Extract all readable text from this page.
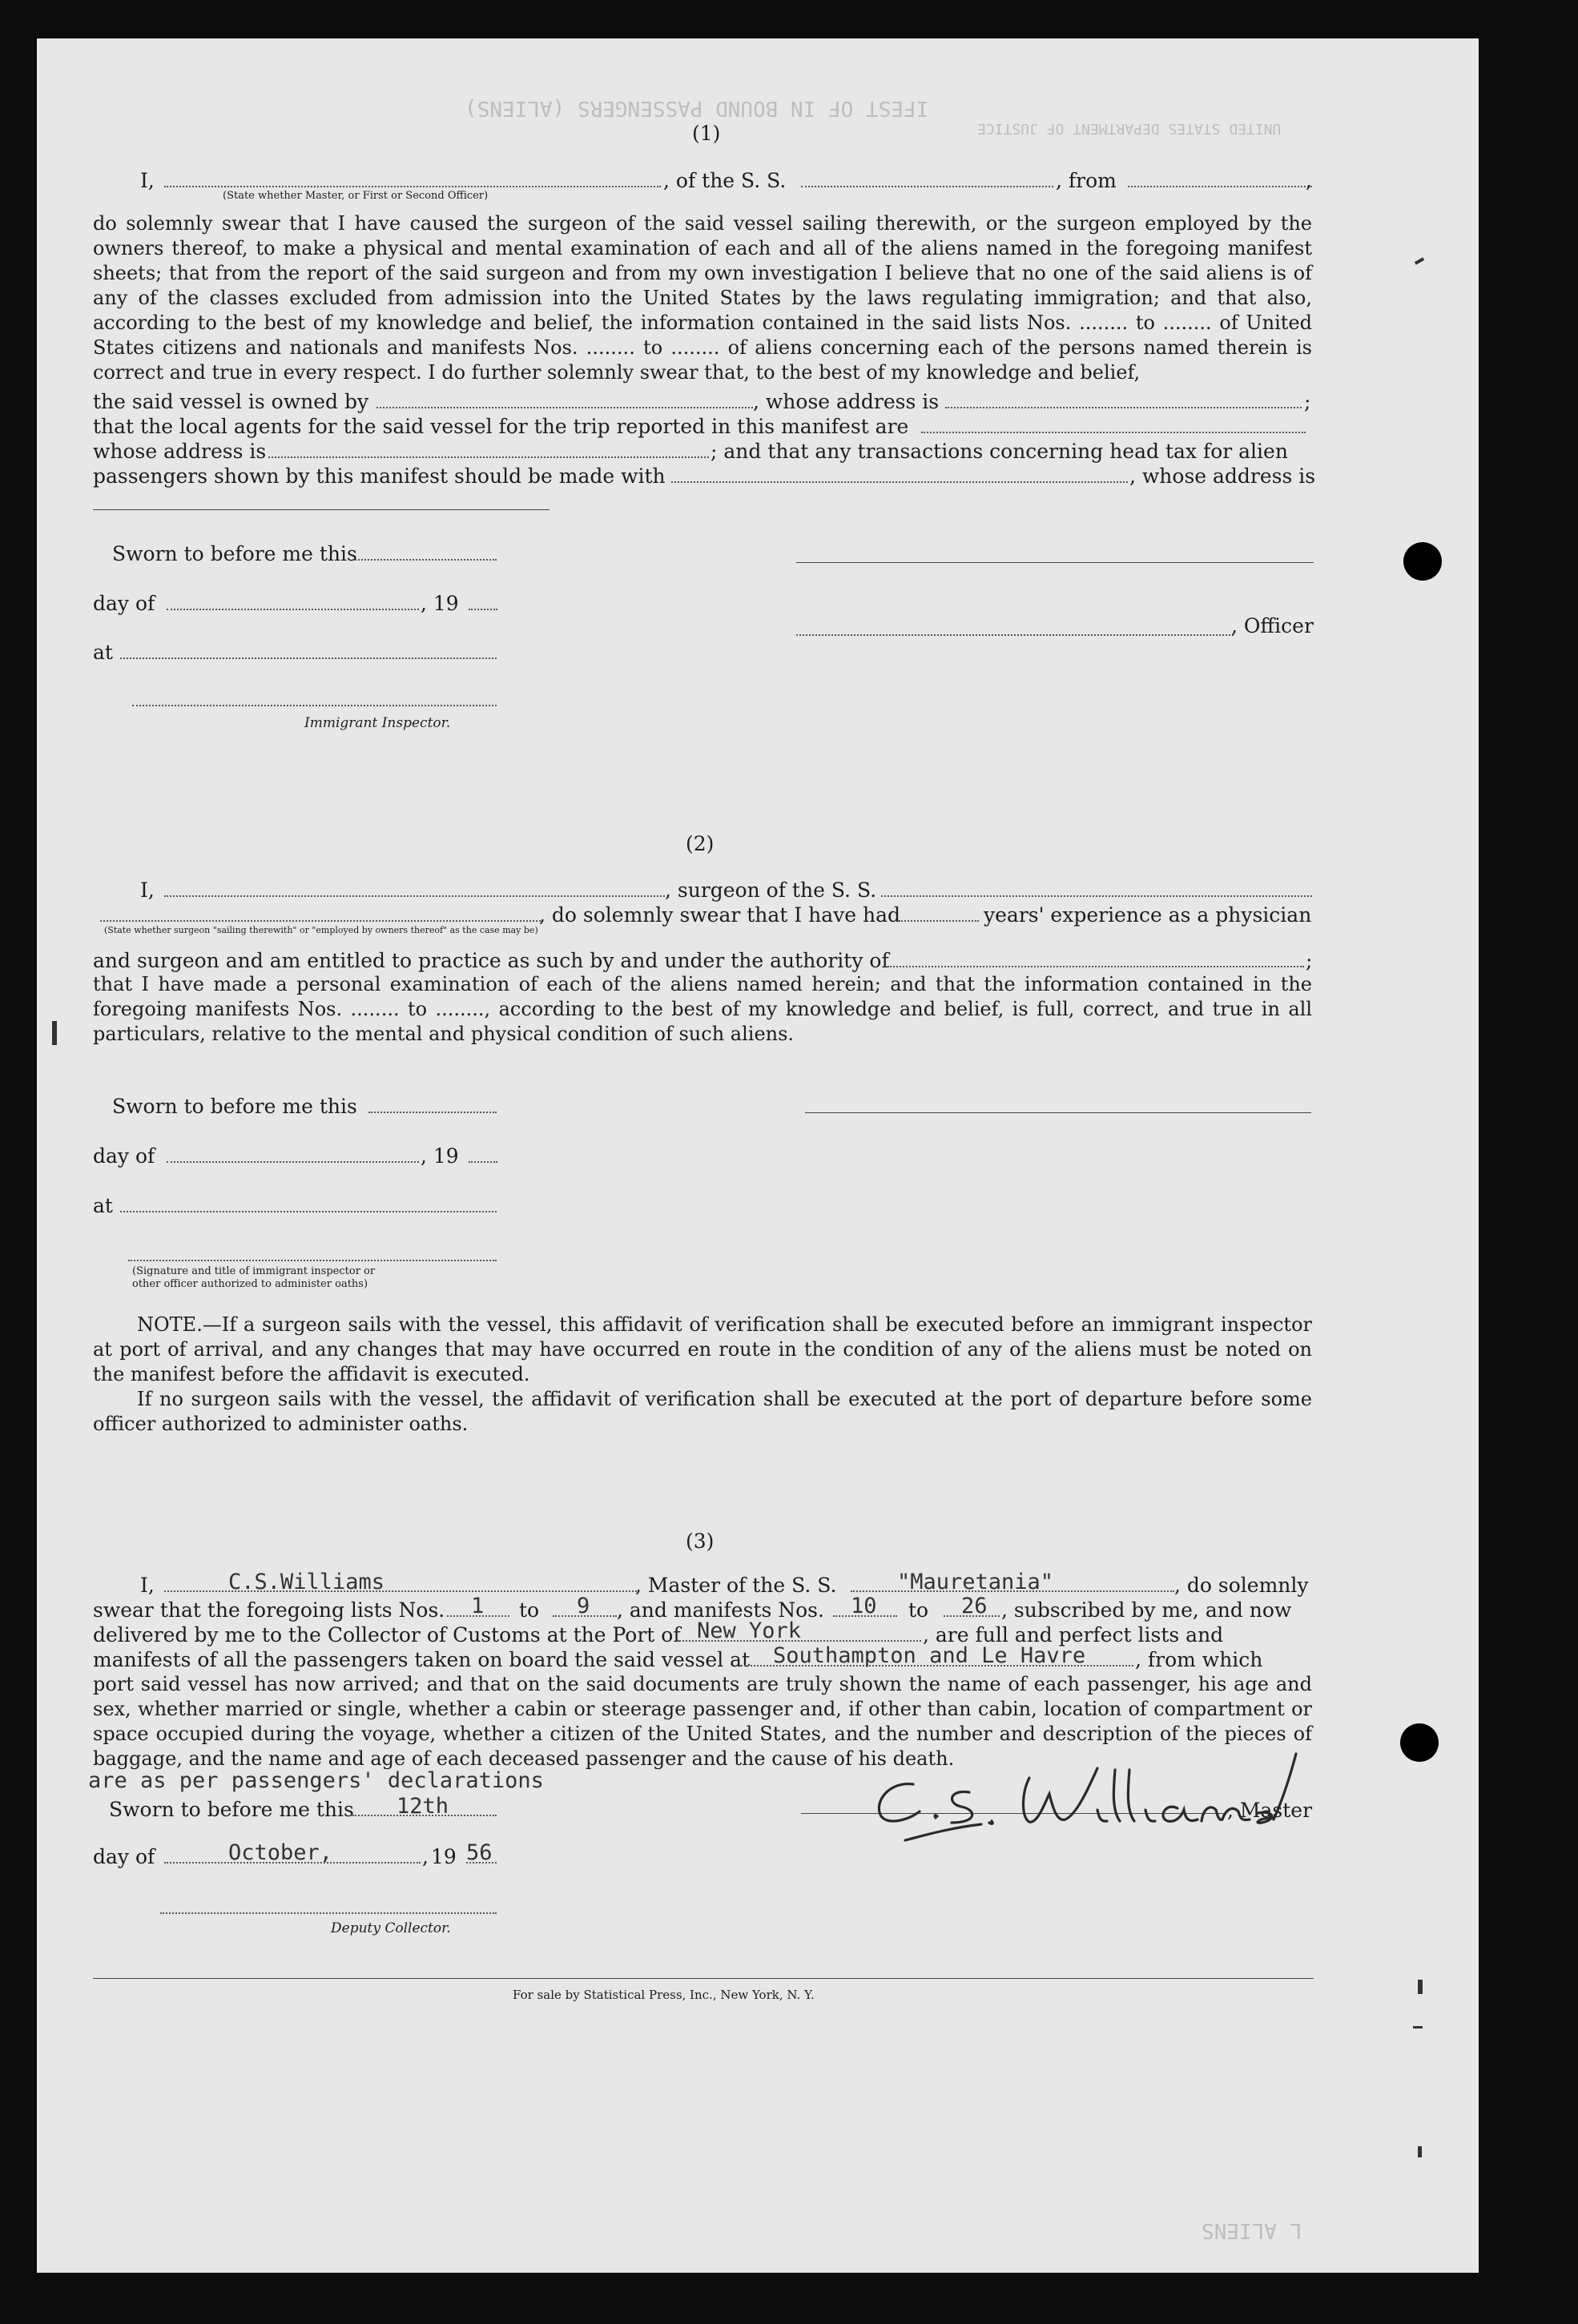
IFEST OF IN BOUND PASSENGERS (ALIENS)
UNITED STATES DEPARTMENT OF JUSTICE
L ALIENS
(1)
I,
(State whether Master, or First or Second Officer)
, of the S. S.	, from	,
do solemnly swear that I have caused the surgeon of the said vessel sailing therewith, or the surgeon employed by the owners thereof, to make a physical and mental examination of each and all of the aliens named in the foregoing manifest sheets; that from the report of the said surgeon and from my own investigation I believe that no one of the said aliens is of any of the classes excluded from admission into the United States by the laws regulating immigration; and that also, according to the best of my knowledge and belief, the information contained in the said lists Nos. ........ to ........ of United States citizens and nationals and manifests Nos. ........ to ........ of aliens concerning each of the persons named therein is correct and true in every respect. I do further solemnly swear that, to the best of my knowledge and belief,
the said vessel is owned by	, whose address is	;
that the local agents for the said vessel for the trip reported in this manifest are
whose address is	; and that any transactions concerning head tax for alien
passengers shown by this manifest should be made with	, whose address is
Sworn to before me this
day of	, 19
, Officer
at
Immigrant Inspector.
(2)
I,	, surgeon of the S. S.
, do solemnly swear that I have had	years' experience as a physician
(State whether surgeon "sailing therewith" or "employed by owners thereof" as the case may be)
and surgeon and am entitled to practice as such by and under the authority of	;
that I have made a personal examination of each of the aliens named herein; and that the information contained in the foregoing manifests Nos. ........ to ........, according to the best of my knowledge and belief, is full, correct, and true in all particulars, relative to the mental and physical condition of such aliens.
Sworn to before me this
day of	, 19
at
(Signature and title of immigrant inspector or
other officer authorized to administer oaths)
NOTE.—If a surgeon sails with the vessel, this affidavit of verification shall be executed before an immigrant inspector at port of arrival, and any changes that may have occurred en route in the condition of any of the aliens must be noted on the manifest before the affidavit is executed.
If no surgeon sails with the vessel, the affidavit of verification shall be executed at the port of departure before some officer authorized to administer oaths.
(3)
I,	C.S.Williams	, Master of the S. S.	"Mauretania"	, do solemnly
swear that the foregoing lists Nos. 1 to 9 , and manifests Nos. 10 to 26 , subscribed by me, and now
delivered by me to the Collector of Customs at the Port of New York	, are full and perfect lists and
manifests of all the passengers taken on board the said vessel at Southampton and Le Havre , from which
port said vessel has now arrived; and that on the said documents are truly shown the name of each passenger, his age and sex, whether married or single, whether a cabin or steerage passenger and, if other than cabin, location of compartment or space occupied during the voyage, whether a citizen of the United States, and the number and description of the pieces of baggage, and the name and age of each deceased passenger and the cause of his death.
are as per passengers' declarations
Sworn to before me this 12th	, Master
day of	October,	, 19 56
Deputy Collector.
For sale by Statistical Press, Inc., New York, N. Y.
